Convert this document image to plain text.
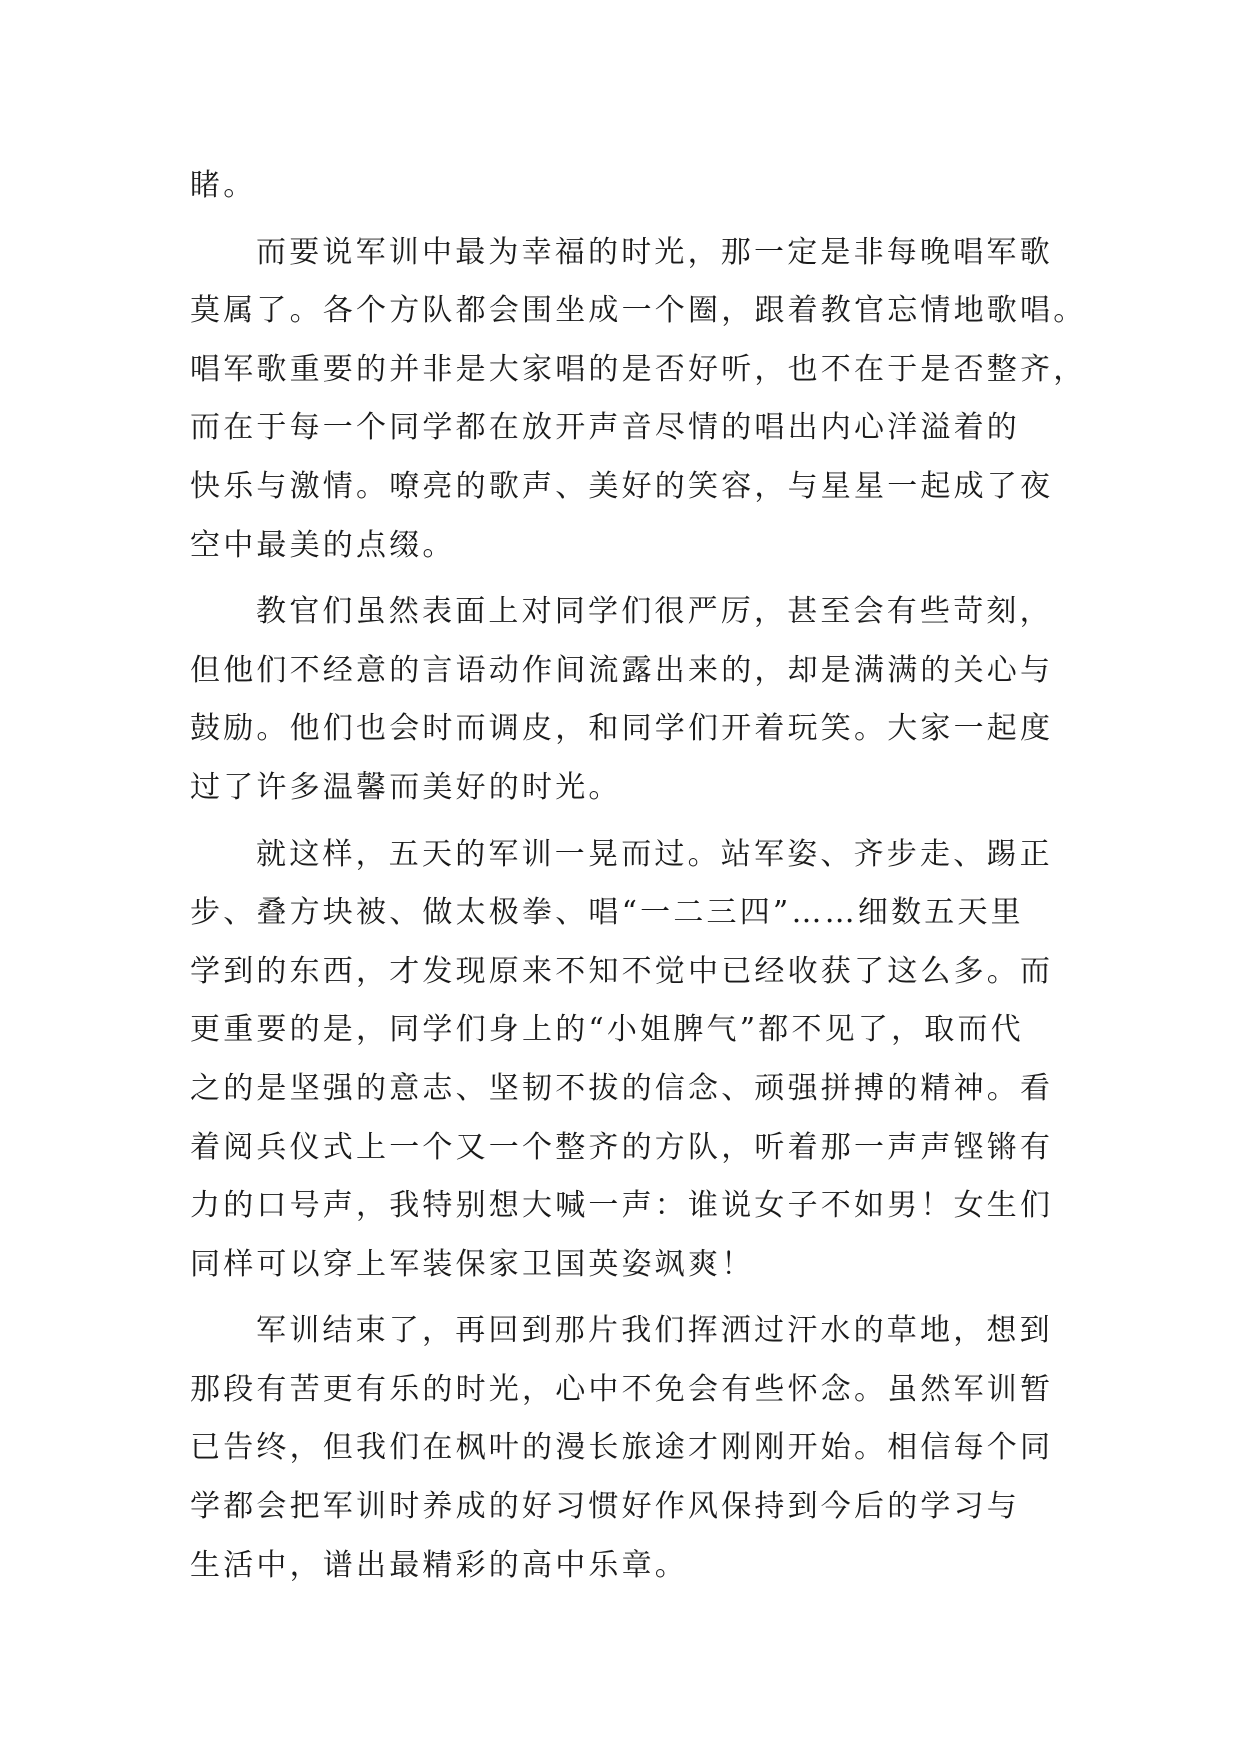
睹。
而要说军训中最为幸福的时光，那一定是非每晚唱军歌
莫属了。各个方队都会围坐成一个圈，跟着教官忘情地歌唱。
唱军歌重要的并非是大家唱的是否好听，也不在于是否整齐，
而在于每一个同学都在放开声音尽情的唱出内心洋溢着的
快乐与激情。嘹亮的歌声、美好的笑容，与星星一起成了夜
空中最美的点缀。
教官们虽然表面上对同学们很严厉，甚至会有些苛刻，
但他们不经意的言语动作间流露出来的，却是满满的关心与
鼓励。他们也会时而调皮，和同学们开着玩笑。大家一起度
过了许多温馨而美好的时光。
就这样，五天的军训一晃而过。站军姿、齐步走、踢正
步、叠方块被、做太极拳、唱“一二三四”……细数五天里
学到的东西，才发现原来不知不觉中已经收获了这么多。而
更重要的是，同学们身上的“小姐脾气”都不见了，取而代
之的是坚强的意志、坚韧不拔的信念、顽强拼搏的精神。看
着阅兵仪式上一个又一个整齐的方队，听着那一声声铿锵有
力的口号声，我特别想大喊一声：谁说女子不如男！女生们
同样可以穿上军装保家卫国英姿飒爽！
军训结束了，再回到那片我们挥洒过汗水的草地，想到
那段有苦更有乐的时光，心中不免会有些怀念。虽然军训暂
已告终，但我们在枫叶的漫长旅途才刚刚开始。相信每个同
学都会把军训时养成的好习惯好作风保持到今后的学习与
生活中，谱出最精彩的高中乐章。
